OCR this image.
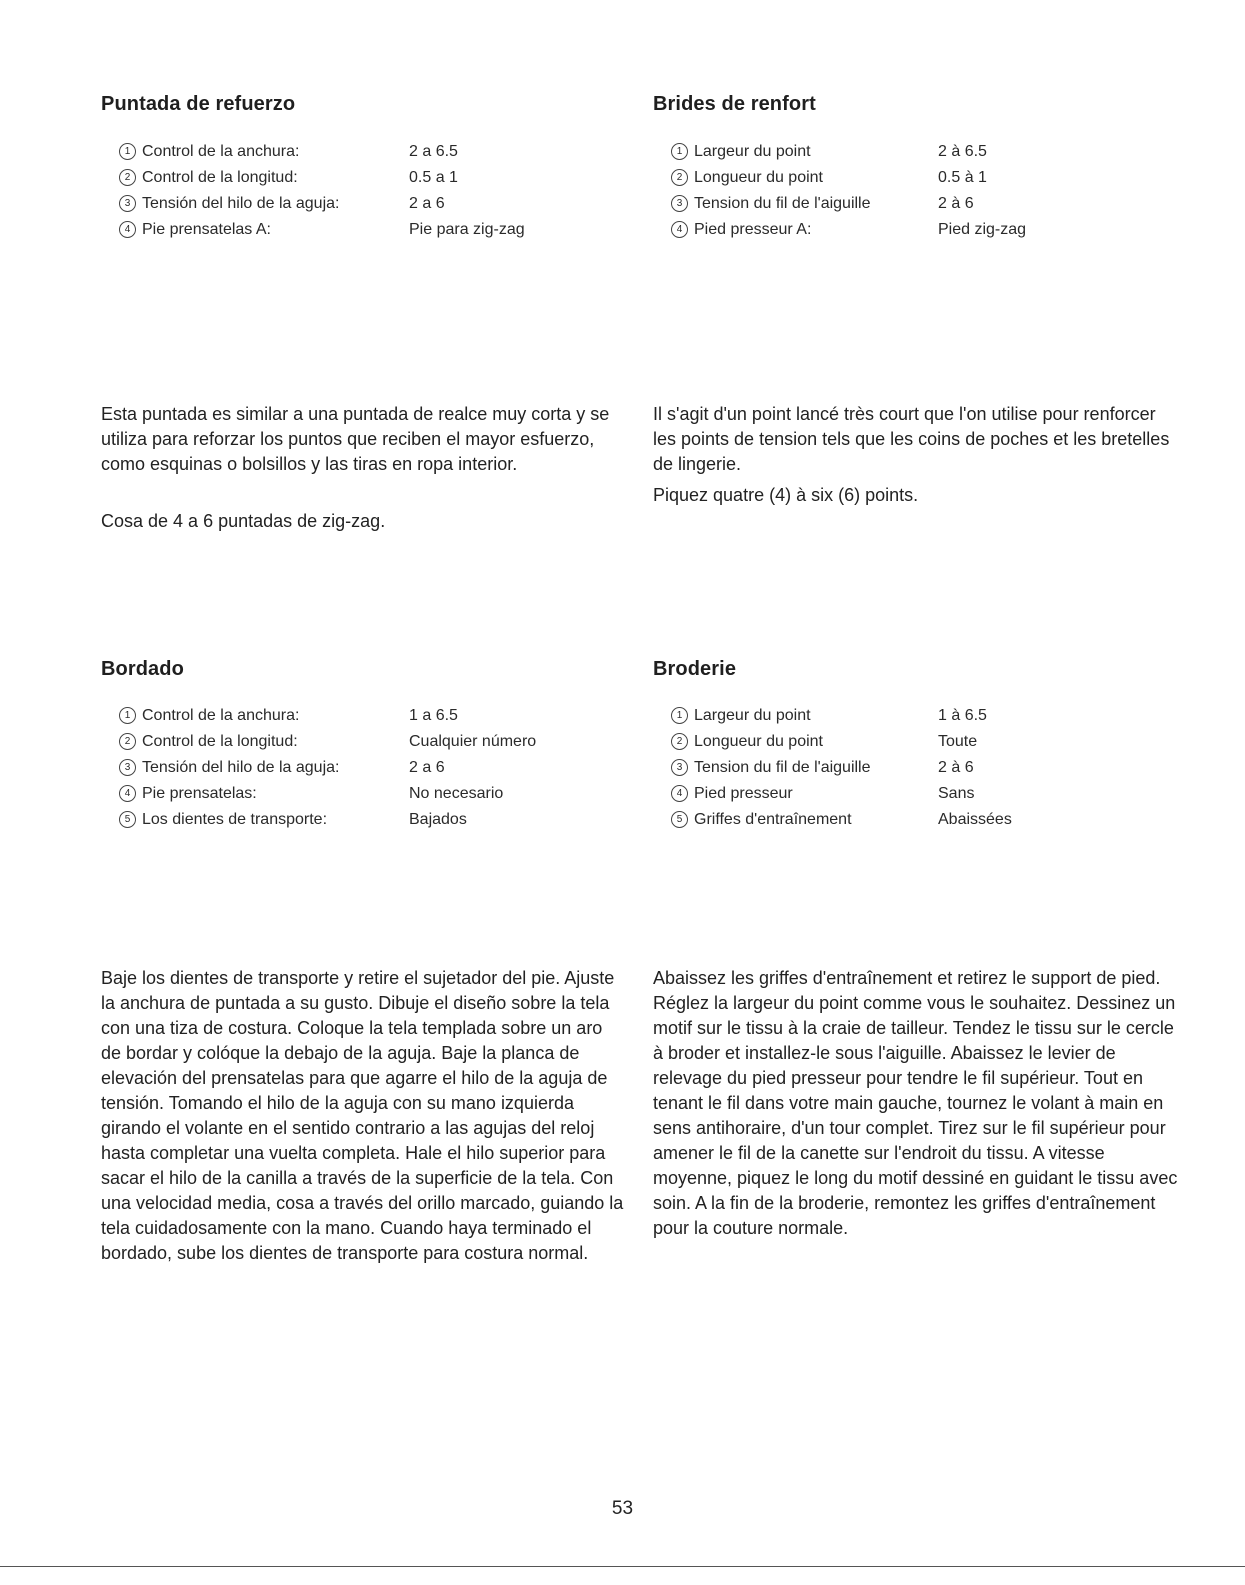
Puntada de refuerzo
1 Control de la anchura:	2 a 6.5
2 Control de la longitud:	0.5 a 1
3 Tensión del hilo de la aguja:	2 a 6
4 Pie prensatelas A:	Pie para zig-zag

Esta puntada es similar a una puntada de realce muy corta y se utiliza para reforzar los puntos que reciben el mayor esfuerzo, como esquinas o bolsillos y las tiras en ropa interior.

Cosa de 4 a 6 puntadas de zig-zag.

Bordado
1 Control de la anchura:	1 a 6.5
2 Control de la longitud:	Cualquier número
3 Tensión del hilo de la aguja:	2 a 6
4 Pie prensatelas:	No necesario
5 Los dientes de transporte:	Bajados

Baje los dientes de transporte y retire el sujetador del pie. Ajuste la anchura de puntada a su gusto. Dibuje el diseño sobre la tela con una tiza de costura. Coloque la tela templada sobre un aro de bordar y colóque la debajo de la aguja. Baje la planca de elevación del prensatelas para que agarre el hilo de la aguja de tensión. Tomando el hilo de la aguja con su mano izquierda girando el volante en el sentido contrario a las agujas del reloj hasta completar una vuelta completa. Hale el hilo superior para sacar el hilo de la canilla a través de la superficie de la tela. Con una velocidad media, cosa a través del orillo marcado, guiando la tela cuidadosamente con la mano. Cuando haya terminado el bordado, sube los dientes de transporte para costura normal.

Brides de renfort
1 Largeur du point	2 à 6.5
2 Longueur du point	0.5 à 1
3 Tension du fil de l'aiguille	2 à 6
4 Pied presseur A:	Pied zig-zag

Il s'agit d'un point lancé très court que l'on utilise pour renforcer les points de tension tels que les coins de poches et les bretelles de lingerie.

Piquez quatre (4) à six (6) points.

Broderie
1 Largeur du point	1 à 6.5
2 Longueur du point	Toute
3 Tension du fil de l'aiguille	2 à 6
4 Pied presseur	Sans
5 Griffes d'entraînement	Abaissées

Abaissez les griffes d'entraînement et retirez le support de pied. Réglez la largeur du point comme vous le souhaitez. Dessinez un motif sur le tissu à la craie de tailleur. Tendez le tissu sur le cercle à broder et installez-le sous l'aiguille. Abaissez le levier de relevage du pied presseur pour tendre le fil supérieur. Tout en tenant le fil dans votre main gauche, tournez le volant à main en sens antihoraire, d'un tour complet. Tirez sur le fil supérieur pour amener le fil de la canette sur l'endroit du tissu. A vitesse moyenne, piquez le long du motif dessiné en guidant le tissu avec soin. A la fin de la broderie, remontez les griffes d'entraînement pour la couture normale.

53
